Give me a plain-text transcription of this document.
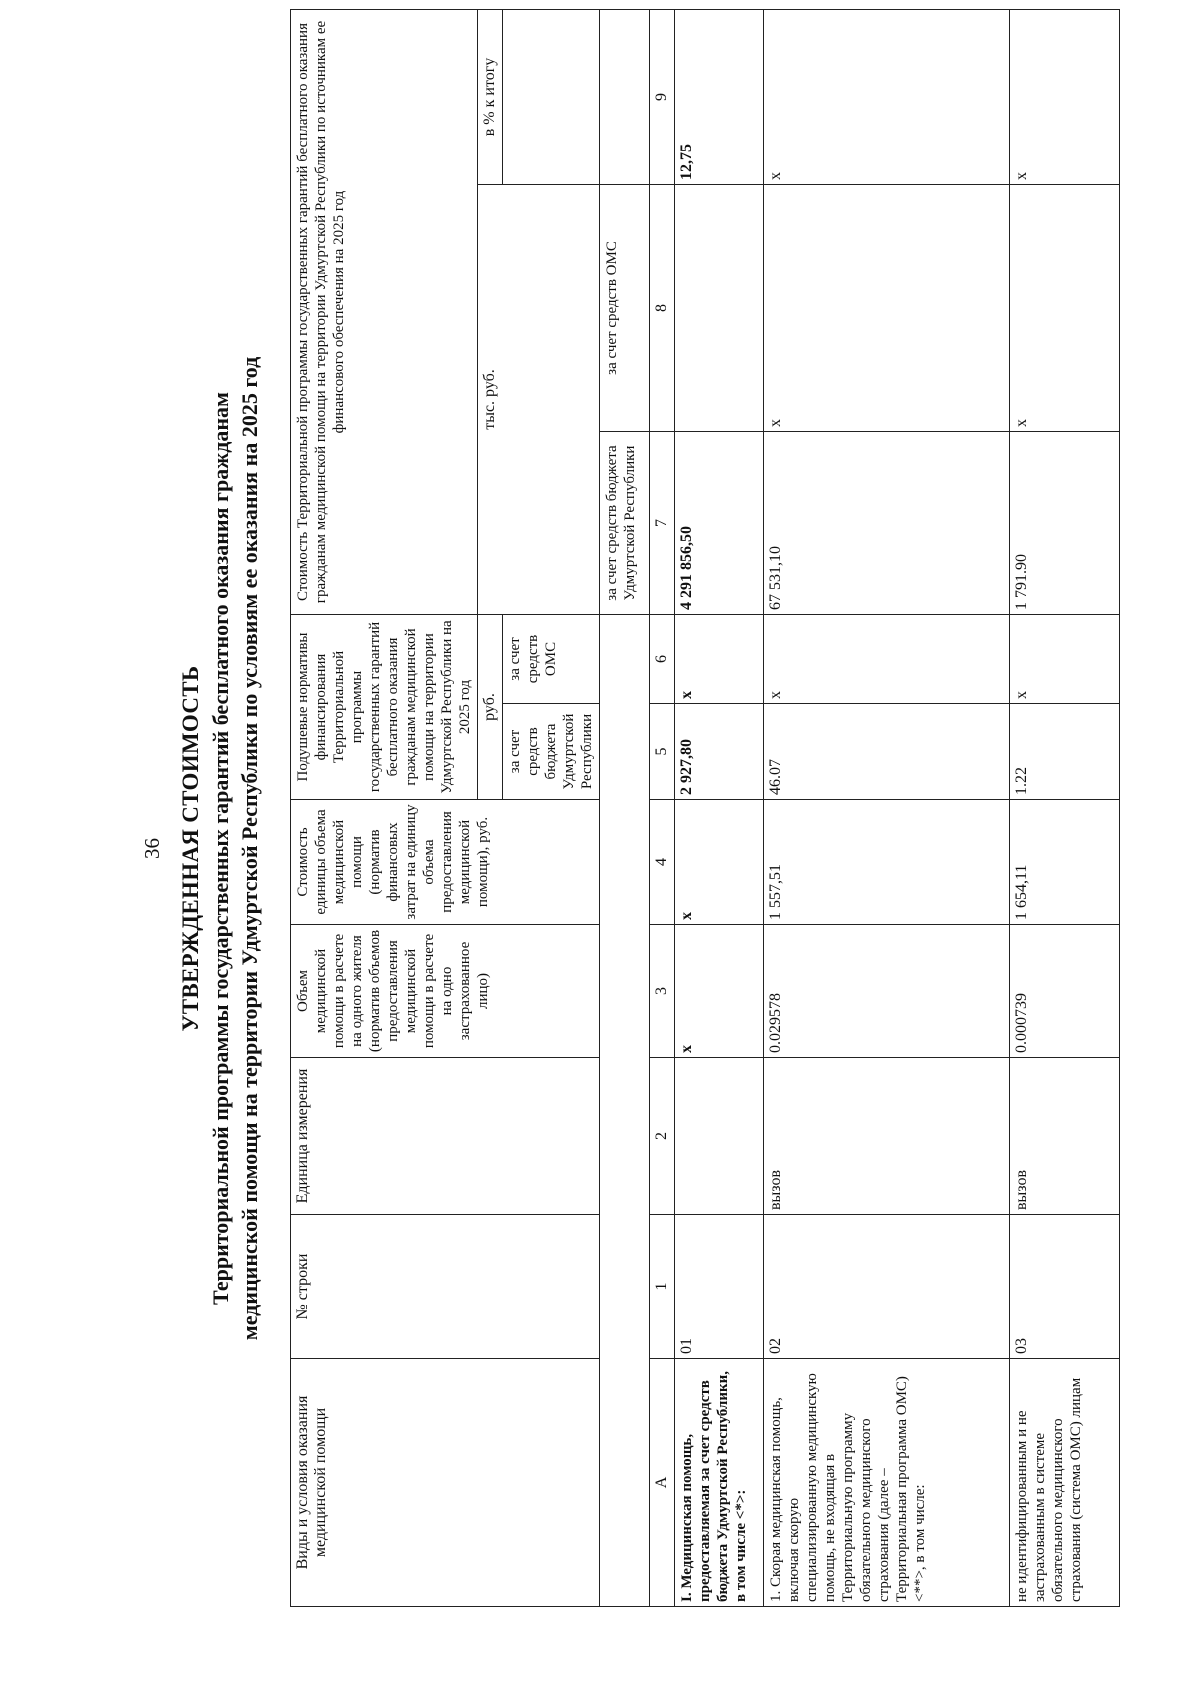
36 УТВЕРЖДЕННАЯ СТОИМОСТЬ Территориальной программы государственных гарантий бесплатного оказания гражданам медицинской помощи на территории Удмуртской Республики по условиям ее оказания на 2025 год
Виды и условия оказания медицинской помощи	№ строки	Единица измерения	Объем медицинской помощи в расчете на одного жителя (норматив объемов предоставления медицинской помощи в расчете на одно застрахованное лицо)	Стоимость единицы объема медицинской помощи (норматив финансовых затрат на единицу объема предоставления медицинской помощи), руб.	Подушевые нормативы финансирования Территориальной программы государственных гарантий бесплатного оказания гражданам медицинской помощи на территории Удмуртской Республики на 2025 год		Стоимость Территориальной программы государственных гарантий бесплатного оказания гражданам медицинской помощи на территории Удмуртской Республики по источникам ее финансового обеспечения на 2025 год		
					руб.		тыс. руб.		в % к итогу
					за счет средств бюджета Удмуртской Республики	за счет средств ОМС			
							за счет средств бюджета Удмуртской Республики	за счет средств ОМС	
А	1	2	3	4	5	6	7	8	9
I. Медицинская помощь, предоставляемая за счет средств бюджета Удмуртской Республики, в том числе <*>:	01		х	х	2 927,80	х	4 291 856,50		12,75
1. Скорая медицинская помощь, включая скорую специализированную медицинскую помощь, не входящая в Территориальную программу обязательного медицинского страхования (далее – Территориальная программа ОМС) <**>, в том числе:	02	вызов	0.029578	1 557,51	46.07	х	67 531,10	х	х
не идентифицированным и не застрахованным в системе обязательного медицинского страхования (система ОМС) лицам	03	вызов	0.000739	1 654,11	1.22	х	1 791.90	х	х
